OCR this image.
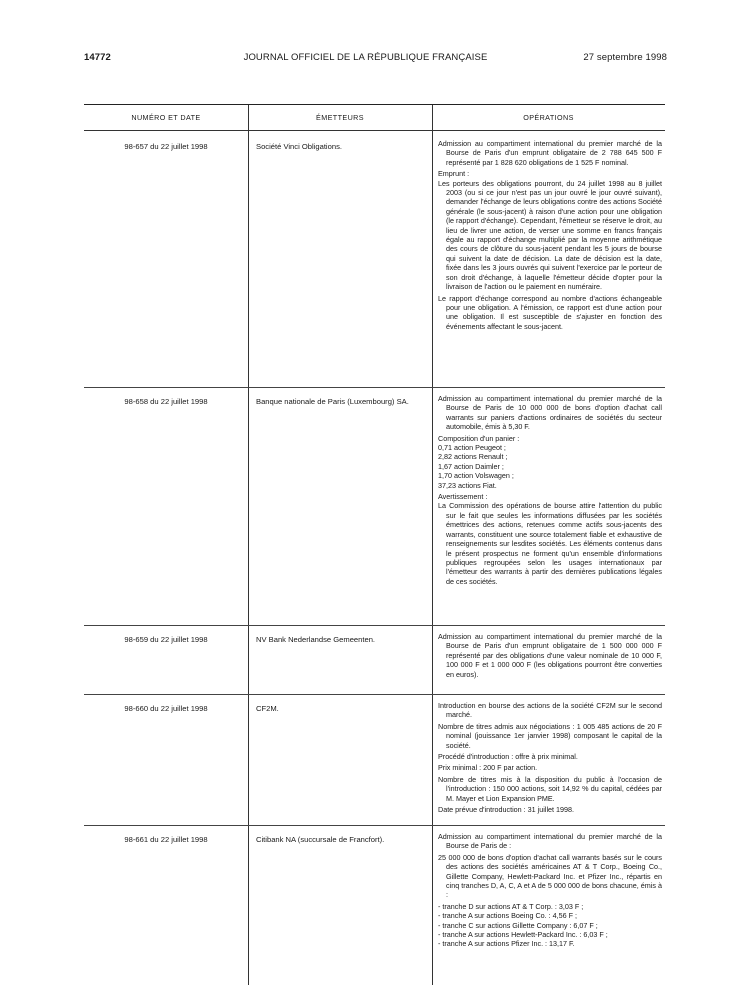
14772	JOURNAL OFFICIEL DE LA RÉPUBLIQUE FRANÇAISE	27 septembre 1998
NUMÉRO ET DATE	ÉMETTEURS	OPÉRATIONS
98-657 du 22 juillet 1998	Société Vinci Obligations.	Admission au compartiment international du premier marché de la Bourse de Paris d'un emprunt obligataire de 2 788 645 500 F représenté par 1 828 620 obligations de 1 525 F nominal.

Emprunt :

Les porteurs des obligations pourront, du 24 juillet 1998 au 8 juillet 2003 (ou si ce jour n'est pas un jour ouvré le jour ouvré suivant), demander l'échange de leurs obligations contre des actions Société générale (le sous-jacent) à raison d'une action pour une obligation (le rapport d'échange). Cependant, l'émetteur se réserve le droit, au lieu de livrer une action, de verser une somme en francs français égale au rapport d'échange multiplié par la moyenne arithmétique des cours de clôture du sous-jacent pendant les 5 jours de bourse qui suivent la date de décision. La date de décision est la date, fixée dans les 3 jours ouvrés qui suivent l'exercice par le porteur de son droit d'échange, à laquelle l'émetteur décide d'opter pour la livraison de l'action ou le paiement en numéraire.

Le rapport d'échange correspond au nombre d'actions échangeable pour une obligation. A l'émission, ce rapport est d'une action pour une obligation. Il est susceptible de s'ajuster en fonction des événements affectant le sous-jacent.

98-658 du 22 juillet 1998	Banque nationale de Paris (Luxembourg) SA.	Admission au compartiment international du premier marché de la Bourse de Paris de 10 000 000 de bons d'option d'achat call warrants sur paniers d'actions ordinaires de sociétés du secteur automobile, émis à 5,30 F.

Composition d'un panier :

0,71 action Peugeot ;

2,82 actions Renault ;

1,67 action Daimler ;

1,70 action Volswagen ;

37,23 actions Fiat.

Avertissement :

La Commission des opérations de bourse attire l'attention du public sur le fait que seules les informations diffusées par les sociétés émettrices des actions, retenues comme actifs sous-jacents des warrants, constituent une source totalement fiable et exhaustive de renseignements sur lesdites sociétés. Les éléments contenus dans le présent prospectus ne forment qu'un ensemble d'informations publiques regroupées selon les usages internationaux par l'émetteur des warrants à partir des dernières publications légales de ces sociétés.

98-659 du 22 juillet 1998	NV Bank Nederlandse Gemeenten.	Admission au compartiment international du premier marché de la Bourse de Paris d'un emprunt obligataire de 1 500 000 000 F représenté par des obligations d'une valeur nominale de 10 000 F, 100 000 F et 1 000 000 F (les obligations pourront être converties en euros).

98-660 du 22 juillet 1998	CF2M.	Introduction en bourse des actions de la société CF2M sur le second marché.

Nombre de titres admis aux négociations : 1 005 485 actions de 20 F nominal (jouissance 1er janvier 1998) composant le capital de la société.

Procédé d'introduction : offre à prix minimal.

Prix minimal : 200 F par action.

Nombre de titres mis à la disposition du public à l'occasion de l'introduction : 150 000 actions, soit 14,92 % du capital, cédées par M. Mayer et Lion Expansion PME.

Date prévue d'introduction : 31 juillet 1998.

98-661 du 22 juillet 1998	Citibank NA (succursale de Francfort).	Admission au compartiment international du premier marché de la Bourse de Paris de :

25 000 000 de bons d'option d'achat call warrants basés sur le cours des actions des sociétés américaines AT & T Corp., Boeing Co., Gillette Company, Hewlett-Packard Inc. et Pfizer Inc., répartis en cinq tranches D, A, C, A et A de 5 000 000 de bons chacune, émis à :

- tranche D sur actions AT & T Corp. : 3,03 F ;

- tranche A sur actions Boeing Co. : 4,56 F ;

- tranche C sur actions Gillette Company : 6,07 F ;

- tranche A sur actions Hewlett-Packard Inc. : 6,03 F ;

- tranche A sur actions Pfizer Inc. : 13,17 F.
